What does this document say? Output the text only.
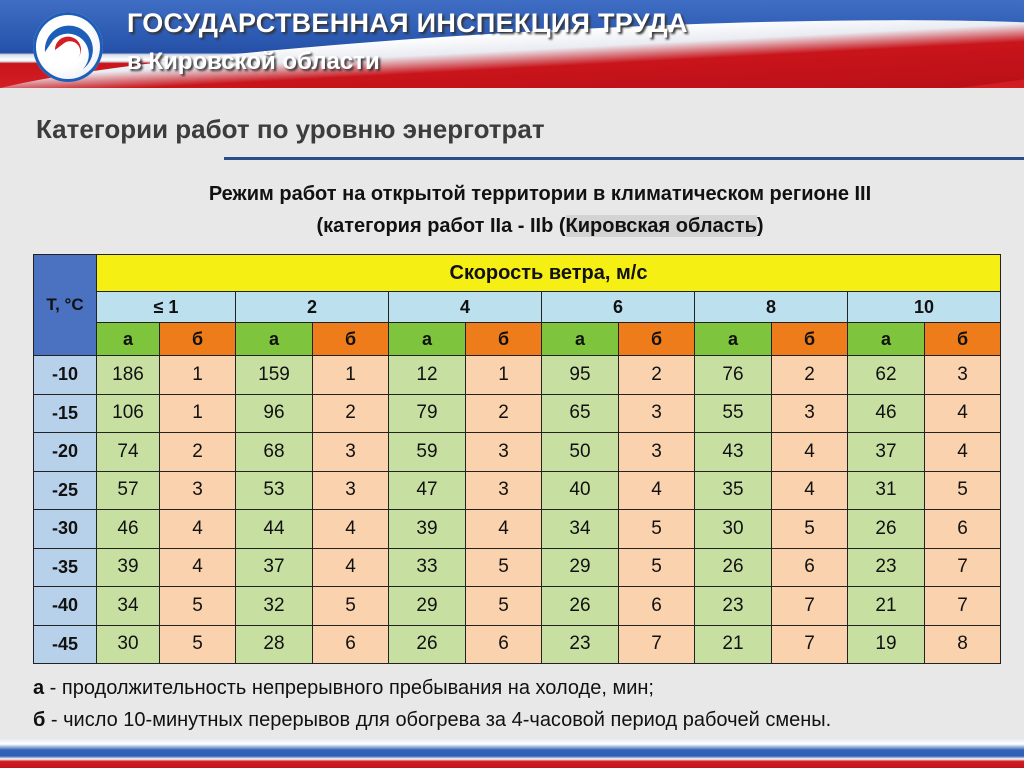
ГОСУДАРСТВЕННАЯ ИНСПЕКЦИЯ ТРУДА
в Кировской области
Категории работ по уровню энерготрат
Режим работ на открытой территории в климатическом регионе III
(категория работ IIa - IIb (Кировская область)
Т, °С	Скорость ветра, м/с											
	≤ 1		2		4		6		8		10	
	а	б	а	б	а	б	а	б	а	б	а	б
-10	186	1	159	1	12	1	95	2	76	2	62	3
-15	106	1	96	2	79	2	65	3	55	3	46	4
-20	74	2	68	3	59	3	50	3	43	4	37	4
-25	57	3	53	3	47	3	40	4	35	4	31	5
-30	46	4	44	4	39	4	34	5	30	5	26	6
-35	39	4	37	4	33	5	29	5	26	6	23	7
-40	34	5	32	5	29	5	26	6	23	7	21	7
-45	30	5	28	6	26	6	23	7	21	7	19	8
а - продолжительность непрерывного пребывания на холоде, мин;
б - число 10-минутных перерывов для обогрева за 4-часовой период рабочей смены.
